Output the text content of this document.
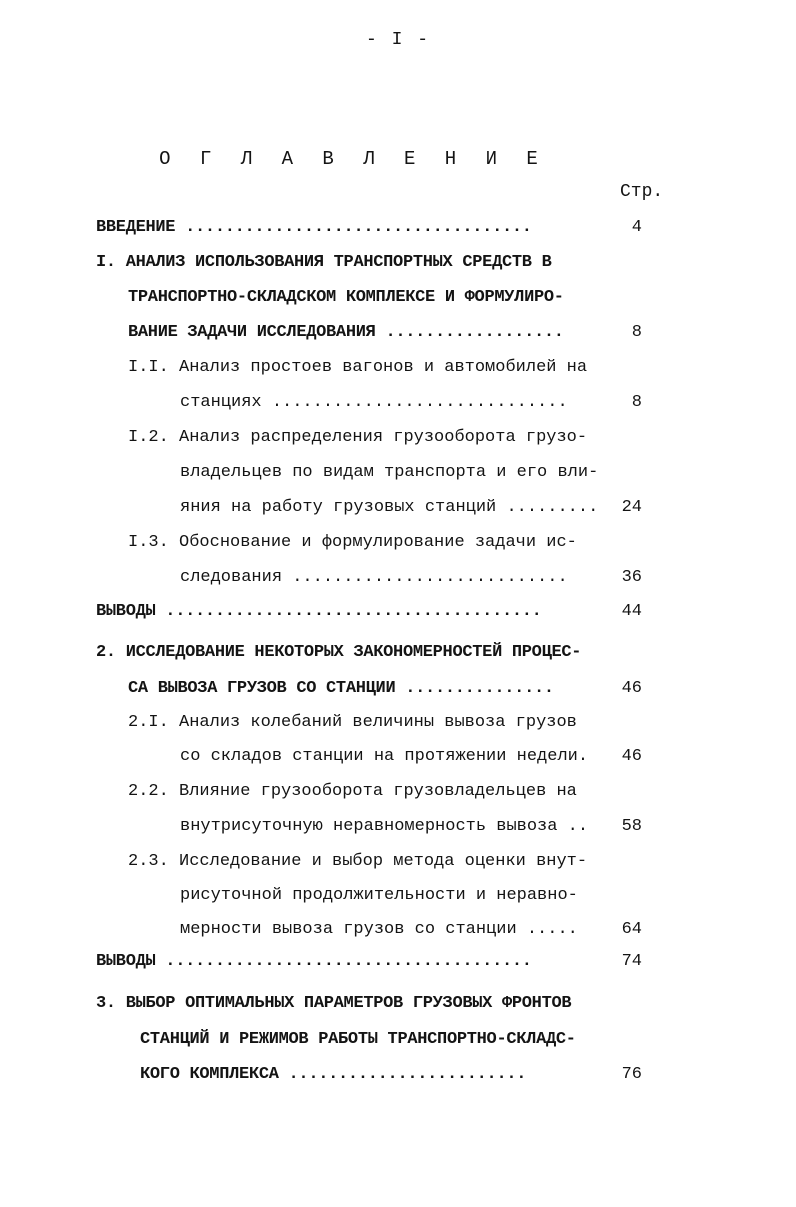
- I -
О Г Л А В Л Е Н И Е
Стр.
ВВЕДЕНИЕ ...................................	4
I. АНАЛИЗ ИСПОЛЬЗОВАНИЯ ТРАНСПОРТНЫХ СРЕДСТВ В
ТРАНСПОРТНО-СКЛАДСКОМ КОМПЛЕКСЕ И ФОРМУЛИРО-
ВАНИЕ ЗАДАЧИ ИССЛЕДОВАНИЯ ..................	8
I.I. Анализ простоев вагонов и автомобилей на
станциях .............................	8
I.2. Анализ распределения грузооборота грузо-
владельцев по видам транспорта и его вли-
яния на работу грузовых станций .........	24
I.3. Обоснование и формулирование задачи ис-
следования ...........................	36
ВЫВОДЫ ......................................	44
2. ИССЛЕДОВАНИЕ НЕКОТОРЫХ ЗАКОНОМЕРНОСТЕЙ ПРОЦЕС-
СА ВЫВОЗА ГРУЗОВ СО СТАНЦИИ ...............	46
2.I. Анализ колебаний величины вывоза грузов
со складов станции на протяжении недели.	46
2.2. Влияние грузооборота грузовладельцев на
внутрисуточную неравномерность вывоза ..	58
2.3. Исследование и выбор метода оценки внут-
рисуточной продолжительности и неравно-
мерности вывоза грузов со станции .....	64
ВЫВОДЫ .....................................	74
3. ВЫБОР ОПТИМАЛЬНЫХ ПАРАМЕТРОВ ГРУЗОВЫХ ФРОНТОВ
СТАНЦИЙ И РЕЖИМОВ РАБОТЫ ТРАНСПОРТНО-СКЛАДС-
КОГО КОМПЛЕКСА ........................	76
